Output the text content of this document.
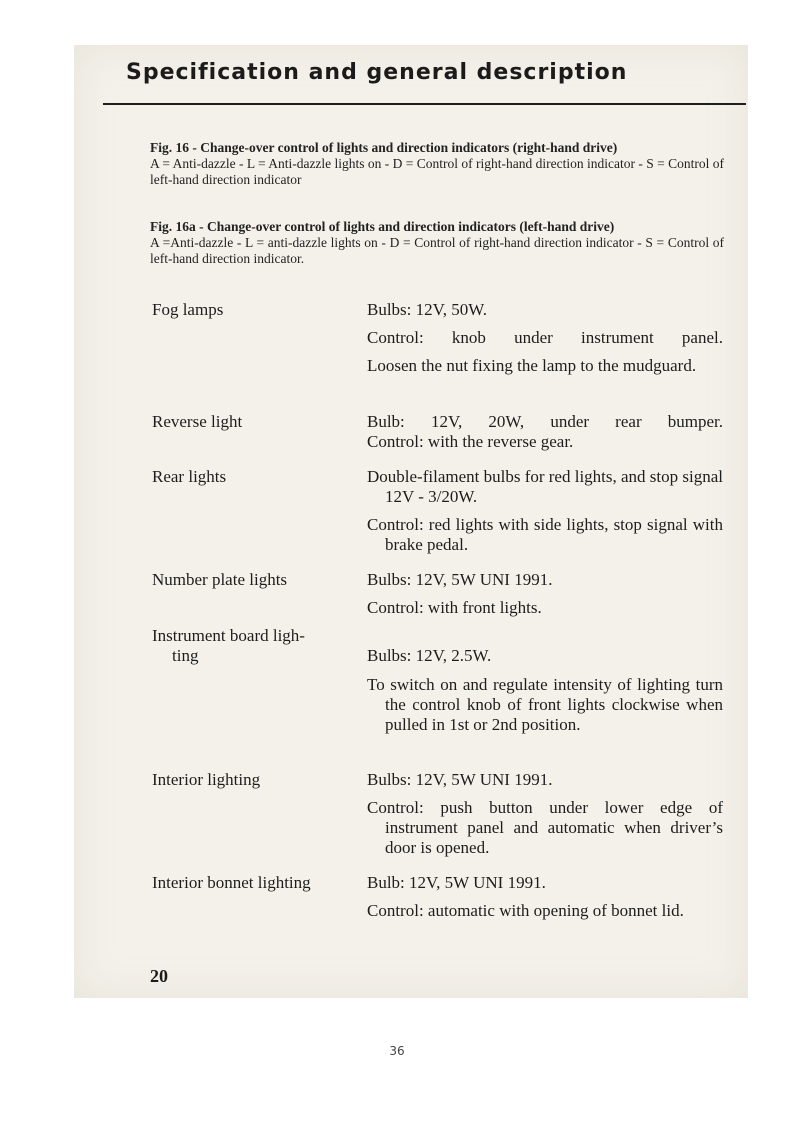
Specification and general description
Fig. 16 - Change-over control of lights and direction indicators (right-hand drive)
A = Anti-dazzle - L = Anti-dazzle lights on - D = Control of right-hand direction indicator - S = Control of left-hand direction indicator
Fig. 16a - Change-over control of lights and direction indicators (left-hand drive)
A =Anti-dazzle - L = anti-dazzle lights on - D = Control of right-hand direction indicator - S = Control of left-hand direction indicator.
Fog lamps	Bulbs: 12V, 50W.
Control: knob under instrument panel.
Loosen the nut fixing the lamp to the mudguard.
Reverse light	Bulb: 12V, 20W, under rear bumper.
Control: with the reverse gear.
Rear lights	Double-filament bulbs for red lights, and stop signal 12V - 3/20W.
Control: red lights with side lights, stop signal with brake pedal.
Number plate lights	Bulbs: 12V, 5W UNI 1991.
Control: with front lights.
Instrument board ligh-
ting	Bulbs: 12V, 2.5W.
To switch on and regulate intensity of lighting turn the control knob of front lights clockwise when pulled in 1st or 2nd position.
Interior lighting	Bulbs: 12V, 5W UNI 1991.
Control: push button under lower edge of instrument panel and automatic when driver’s door is opened.
Interior bonnet lighting	Bulb: 12V, 5W UNI 1991.
Control: automatic with opening of bonnet lid.
20
36
